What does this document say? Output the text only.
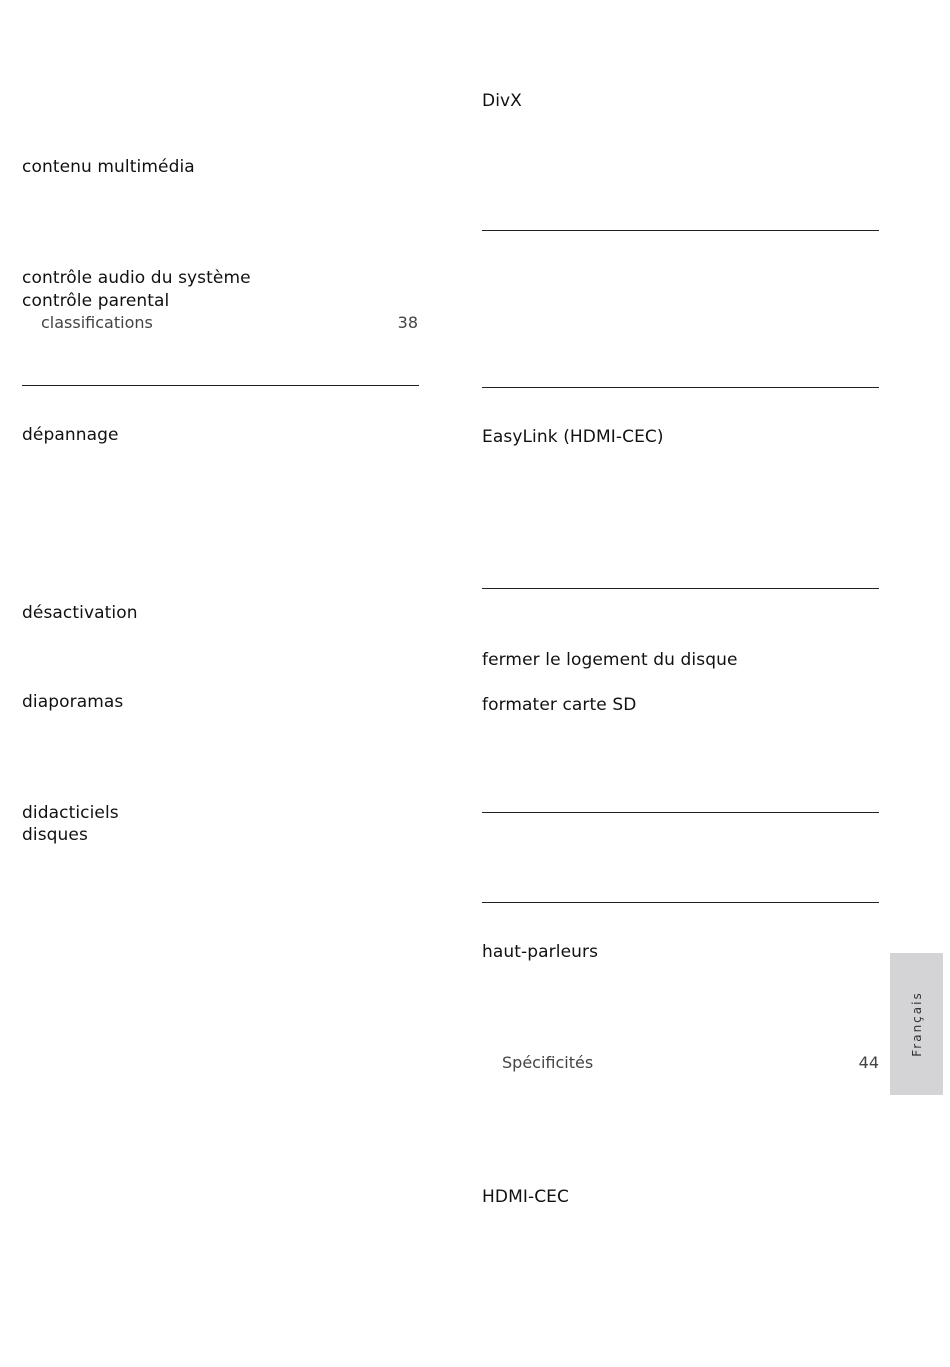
contenu multimédia
contrôle audio du système
contrôle parental
classifications	38
dépannage
désactivation
diaporamas
didacticiels
disques
DivX
EasyLink (HDMI-CEC)
fermer le logement du disque
formater carte SD
haut-parleurs
Spécificités	44
HDMI-CEC
Français
